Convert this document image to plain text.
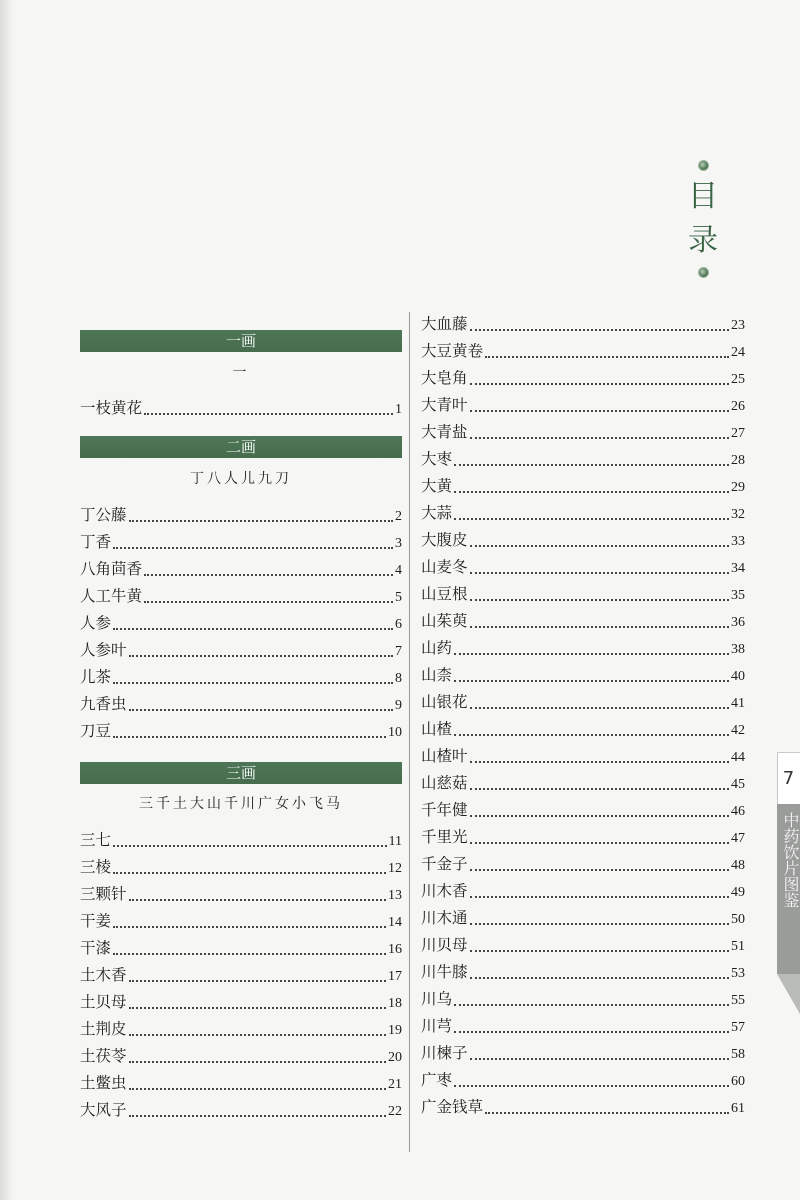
目
录
一画
一
一枝黄花	1
二画
丁八人儿九刀
丁公藤	2
丁香	3
八角茴香	4
人工牛黄	5
人参	6
人参叶	7
儿茶	8
九香虫	9
刀豆	10
三画
三千土大山千川广女小飞马
三七	11
三棱	12
三颗针	13
干姜	14
干漆	16
土木香	17
土贝母	18
土荆皮	19
土茯苓	20
土鳖虫	21
大风子	22
大血藤	23
大豆黄卷	24
大皂角	25
大青叶	26
大青盐	27
大枣	28
大黄	29
大蒜	32
大腹皮	33
山麦冬	34
山豆根	35
山茱萸	36
山药	38
山柰	40
山银花	41
山楂	42
山楂叶	44
山慈菇	45
千年健	46
千里光	47
千金子	48
川木香	49
川木通	50
川贝母	51
川牛膝	53
川乌	55
川芎	57
川楝子	58
广枣	60
广金钱草	61
7
中药饮片图鉴
